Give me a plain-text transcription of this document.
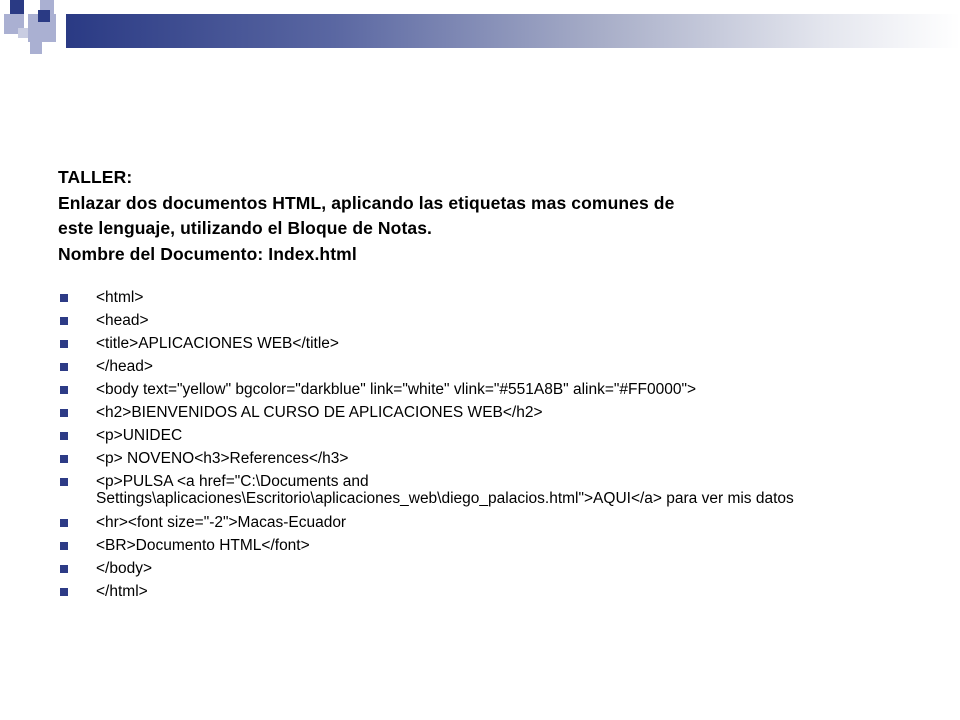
TALLER:
Enlazar dos documentos HTML, aplicando las etiquetas mas comunes de
este lenguaje, utilizando el Bloque de Notas.
Nombre del Documento: Index.html
<html>
<head>
<title>APLICACIONES WEB</title>
</head>
<body text="yellow" bgcolor="darkblue" link="white" vlink="#551A8B" alink="#FF0000">
<h2>BIENVENIDOS AL CURSO DE APLICACIONES WEB</h2>
<p>UNIDEC
<p> NOVENO<h3>References</h3>
<p>PULSA <a href="C:\Documents and Settings\aplicaciones\Escritorio\aplicaciones_web\diego_palacios.html">AQUI</a> para ver mis datos
<hr><font size="-2">Macas-Ecuador
<BR>Documento HTML</font>
</body>
</html>
